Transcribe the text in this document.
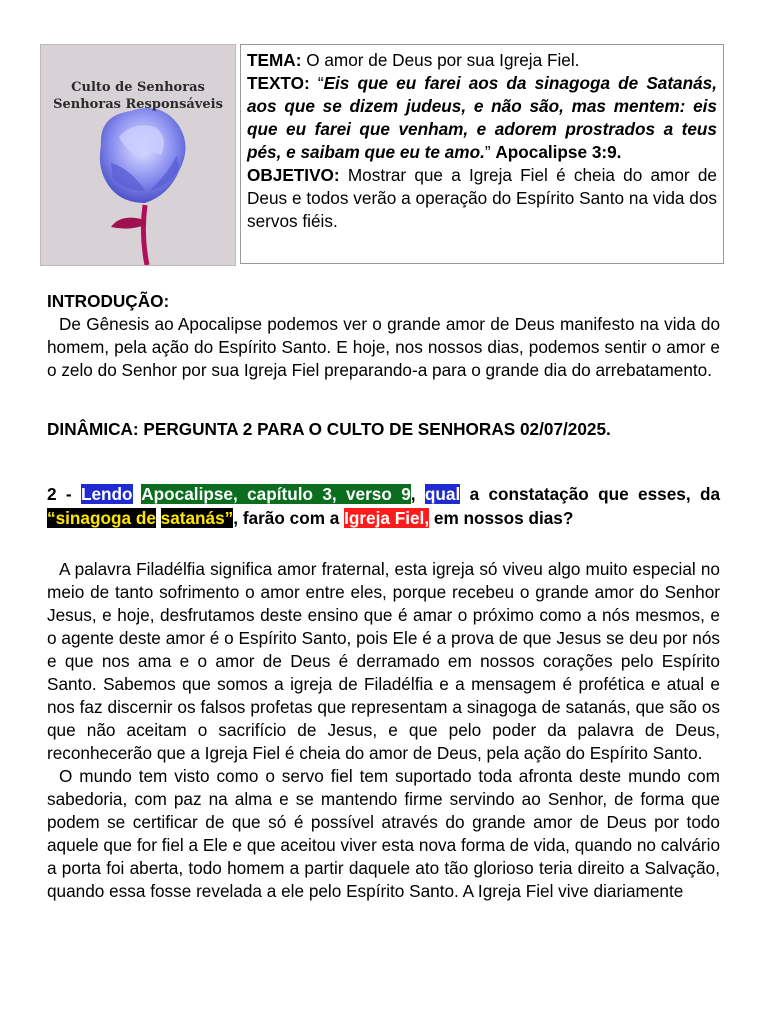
Culto de Senhoras
Senhoras Responsáveis

TEMA: O amor de Deus por sua Igreja Fiel.

TEXTO: “Eis que eu farei aos da sinagoga de Satanás, aos que se dizem judeus, e não são, mas mentem: eis que eu farei que venham, e adorem prostrados a teus pés, e saibam que eu te amo.” Apocalipse 3:9.

OBJETIVO: Mostrar que a Igreja Fiel é cheia do amor de Deus e todos verão a operação do Espírito Santo na vida dos servos fiéis.

INTRODUÇÃO:

De Gênesis ao Apocalipse podemos ver o grande amor de Deus manifesto na vida do homem, pela ação do Espírito Santo. E hoje, nos nossos dias, podemos sentir o amor e o zelo do Senhor por sua Igreja Fiel preparando-a para o grande dia do arrebatamento.

DINÂMICA: PERGUNTA 2 PARA O CULTO DE SENHORAS 02/07/2025.

2 - Lendo Apocalipse, capítulo 3, verso 9, qual a constatação que esses, da “sinagoga de satanás”, farão com a Igreja Fiel, em nossos dias?

A palavra Filadélfia significa amor fraternal, esta igreja só viveu algo muito especial no meio de tanto sofrimento o amor entre eles, porque recebeu o grande amor do Senhor Jesus, e hoje, desfrutamos deste ensino que é amar o próximo como a nós mesmos, e o agente deste amor é o Espírito Santo, pois Ele é a prova de que Jesus se deu por nós e que nos ama e o amor de Deus é derramado em nossos corações pelo Espírito Santo. Sabemos que somos a igreja de Filadélfia e a mensagem é profética e atual e nos faz discernir os falsos profetas que representam a sinagoga de satanás, que são os que não aceitam o sacrifício de Jesus, e que pelo poder da palavra de Deus, reconhecerão que a Igreja Fiel é cheia do amor de Deus, pela ação do Espírito Santo.

O mundo tem visto como o servo fiel tem suportado toda afronta deste mundo com sabedoria, com paz na alma e se mantendo firme servindo ao Senhor, de forma que podem se certificar de que só é possível através do grande amor de Deus por todo aquele que for fiel a Ele e que aceitou viver esta nova forma de vida, quando no calvário a porta foi aberta, todo homem a partir daquele ato tão glorioso teria direito a Salvação, quando essa fosse revelada a ele pelo Espírito Santo. A Igreja Fiel vive diariamente
